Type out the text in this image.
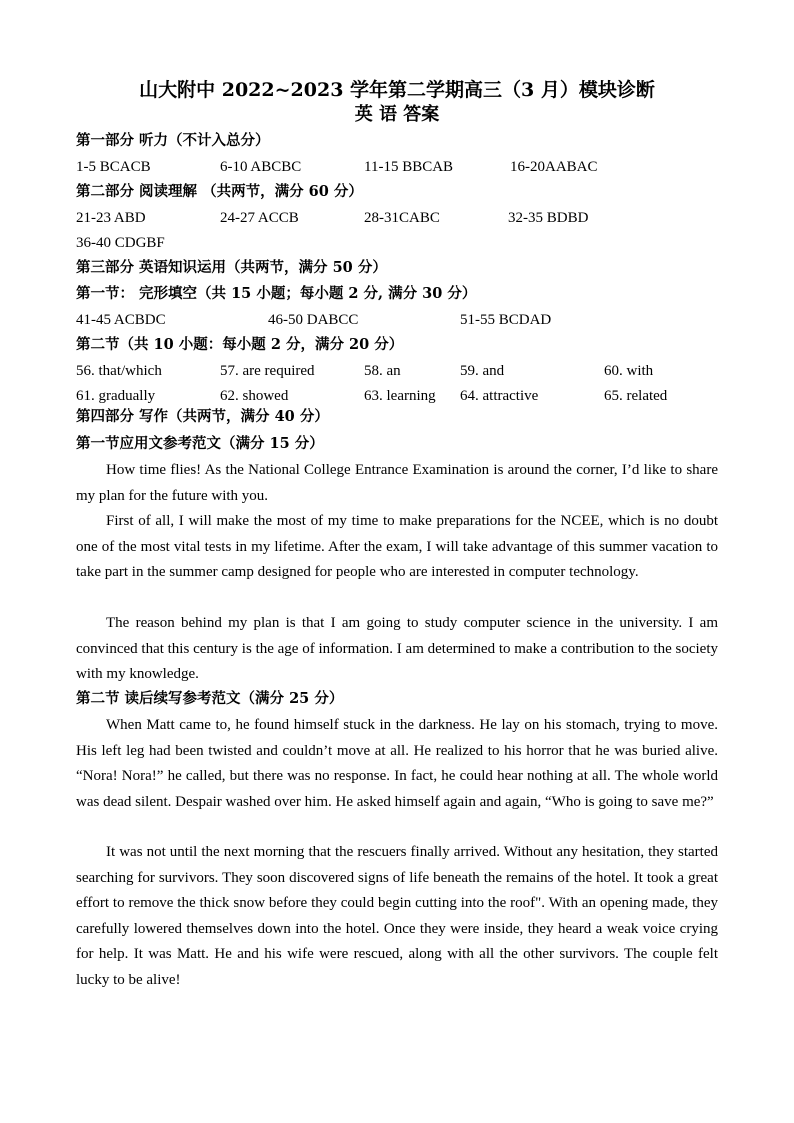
山大附中 2022~2023 学年第二学期高三（3 月）模块诊断
英 语 答案
第一部分 听力（不计入总分）
1-5 BCACB	6-10 ABCBC	11-15 BBCAB	16-20AABAC
第二部分 阅读理解 （共两节，满分 60 分）
21-23 ABD	24-27 ACCB	28-31CABC	32-35 BDBD
36-40 CDGBF
第三部分 英语知识运用（共两节，满分 50 分）
第一节： 完形填空（共 15 小题；每小题 2 分, 满分 30 分）
41-45 ACBDC	46-50 DABCC	51-55 BCDAD
第二节（共 10 小题：每小题 2 分，满分 20 分）
56. that/which	57. are required	58. an	59. and	60. with
61. gradually	62. showed	63. learning 64. attractive	65. related
第四部分 写作（共两节，满分 40 分）
第一节应用文参考范文（满分 15 分）
How time flies! As the National College Entrance Examination is around the corner, I’d like to share my plan for the future with you.
First of all, I will make the most of my time to make preparations for the NCEE, which is no doubt one of the most vital tests in my lifetime. After the exam, I will take advantage of this summer vacation to take part in the summer camp designed for people who are interested in computer technology.
The reason behind my plan is that I am going to study computer science in the university. I am convinced that this century is the age of information. I am determined to make a contribution to the society with my knowledge.
第二节 读后续写参考范文（满分 25 分）
When Matt came to, he found himself stuck in the darkness. He lay on his stomach, trying to move. His left leg had been twisted and couldn’t move at all. He realized to his horror that he was buried alive. “Nora! Nora!” he called, but there was no response. In fact, he could hear nothing at all. The whole world was dead silent. Despair washed over him. He asked himself again and again, “Who is going to save me?”
It was not until the next morning that the rescuers finally arrived. Without any hesitation, they started searching for survivors. They soon discovered signs of life beneath the remains of the hotel. It took a great effort to remove the thick snow before they could begin cutting into the roof". With an opening made, they carefully lowered themselves down into the hotel. Once they were inside, they heard a weak voice crying for help. It was Matt. He and his wife were rescued, along with all the other survivors. The couple felt lucky to be alive!
